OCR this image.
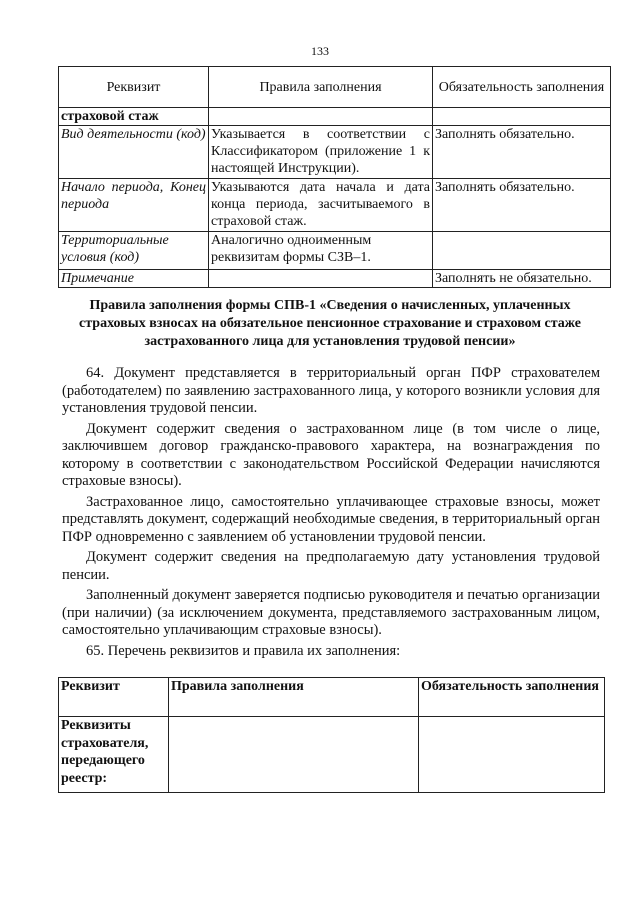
133
Реквизит	Правила заполнения	Обязательность заполнения
страховой стаж		
Вид деятельности (код)	Указывается в соответствии с Классификатором (приложение 1 к настоящей Инструкции).	Заполнять обязательно.
Начало периода, Конец периода	Указываются дата начала и дата конца периода, засчитываемого в страховой стаж.	Заполнять обязательно.
Территориальные условия (код)	Аналогично одноименным реквизитам формы СЗВ–1.	
Примечание		Заполнять не обязательно.
Правила заполнения формы СПВ-1 «Сведения о начисленных, уплаченных страховых взносах на обязательное пенсионное страхование и страховом стаже застрахованного лица для установления трудовой пенсии»

64. Документ представляется в территориальный орган ПФР страхователем (работодателем) по заявлению застрахованного лица, у которого возникли условия для установления трудовой пенсии.

Документ содержит сведения о застрахованном лице (в том числе о лице, заключившем договор гражданско-правового характера, на вознаграждения по которому в соответствии с законодательством Российской Федерации начисляются страховые взносы).

Застрахованное лицо, самостоятельно уплачивающее страховые взносы, может представлять документ, содержащий необходимые сведения, в территориальный орган ПФР одновременно с заявлением об установлении трудовой пенсии.

Документ содержит сведения на предполагаемую дату установления трудовой пенсии.

Заполненный документ заверяется подписью руководителя и печатью организации (при наличии) (за исключением документа, представляемого застрахованным лицом, самостоятельно уплачивающим страховые взносы).

65. Перечень реквизитов и правила их заполнения:

Реквизит	Правила заполнения	Обязательность заполнения
Реквизиты страхователя, передающего реестр:		
